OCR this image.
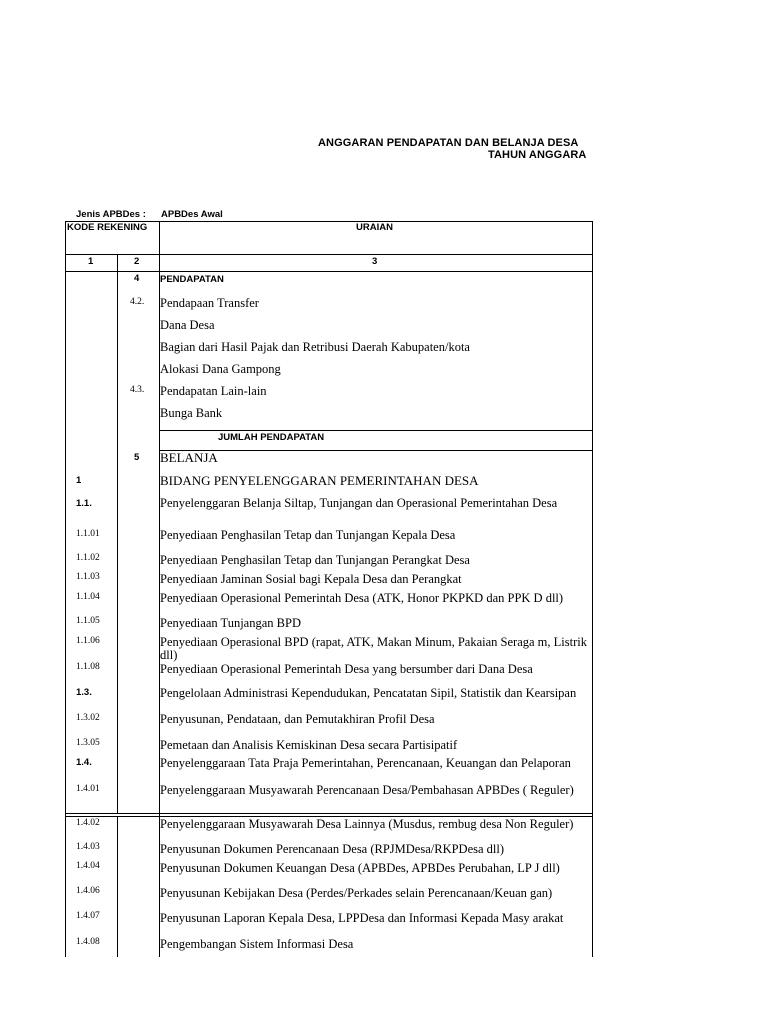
ANGGARAN PENDAPATAN DAN BELANJA DESA
TAHUN ANGGARA
Jenis APBDes : APBDes Awal
KODE REKENING	URAIAN
1	2	3
4 PENDAPATAN
4.2. Pendapaan Transfer
Dana Desa
Bagian dari Hasil Pajak dan Retribusi Daerah Kabupaten/kota
Alokasi Dana Gampong
4.3. Pendapatan Lain-lain
Bunga Bank
JUMLAH PENDAPATAN
5 BELANJA
1	BIDANG PENYELENGGARAN PEMERINTAHAN DESA
1.1.	Penyelenggaran Belanja Siltap, Tunjangan dan Operasional Pemerintahan Desa
1.1.01	Penyediaan Penghasilan Tetap dan Tunjangan Kepala Desa
1.1.02	Penyediaan Penghasilan Tetap dan Tunjangan Perangkat Desa
1.1.03	Penyediaan Jaminan Sosial bagi Kepala Desa dan Perangkat
1.1.04	Penyediaan Operasional Pemerintah Desa (ATK, Honor PKPKD dan PPK D dll)
1.1.05	Penyediaan Tunjangan BPD
1.1.06	Penyediaan Operasional BPD (rapat, ATK, Makan Minum, Pakaian Seraga m, Listrik dll)
1.1.08	Penyediaan Operasional Pemerintah Desa yang bersumber dari Dana Desa
1.3.	Pengelolaan Administrasi Kependudukan, Pencatatan Sipil, Statistik dan Kearsipan
1.3.02	Penyusunan, Pendataan, dan Pemutakhiran Profil Desa
1.3.05	Pemetaan dan Analisis Kemiskinan Desa secara Partisipatif
1.4.	Penyelenggaraan Tata Praja Pemerintahan, Perencanaan, Keuangan dan Pelaporan
1.4.01	Penyelenggaraan Musyawarah Perencanaan Desa/Pembahasan APBDes ( Reguler)
1.4.02	Penyelenggaraan Musyawarah Desa Lainnya (Musdus, rembug desa Non Reguler)
1.4.03	Penyusunan Dokumen Perencanaan Desa (RPJMDesa/RKPDesa dll)
1.4.04	Penyusunan Dokumen Keuangan Desa (APBDes, APBDes Perubahan, LP J dll)
1.4.06	Penyusunan Kebijakan Desa (Perdes/Perkades selain Perencanaan/Keuan gan)
1.4.07	Penyusunan Laporan Kepala Desa, LPPDesa dan Informasi Kepada Masy arakat
1.4.08	Pengembangan Sistem Informasi Desa
